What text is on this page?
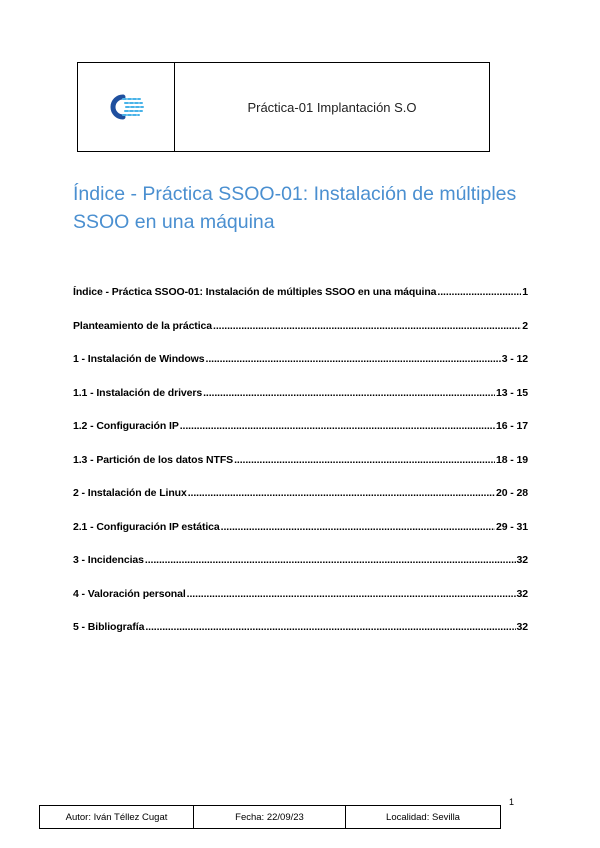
Práctica-01 Implantación S.O
Índice - Práctica SSOO-01: Instalación de múltiples SSOO en una máquina
Índice - Práctica SSOO-01: Instalación de múltiples SSOO en una máquina .....	1
Planteamiento de la práctica .....	2
1 - Instalación de Windows .....	3 - 12
1.1 - Instalación de drivers .....	13 - 15
1.2 - Configuración IP .....	16 - 17
1.3 - Partición de los datos NTFS .....	18 - 19
2 - Instalación de Linux .....	20 - 28
2.1 - Configuración IP estática .....	29 - 31
3 - Incidencias .....	32
4 - Valoración personal .....	32
5 - Bibliografía .....	32
1
Autor: Iván Téllez Cugat	Fecha: 22/09/23	Localidad: Sevilla
